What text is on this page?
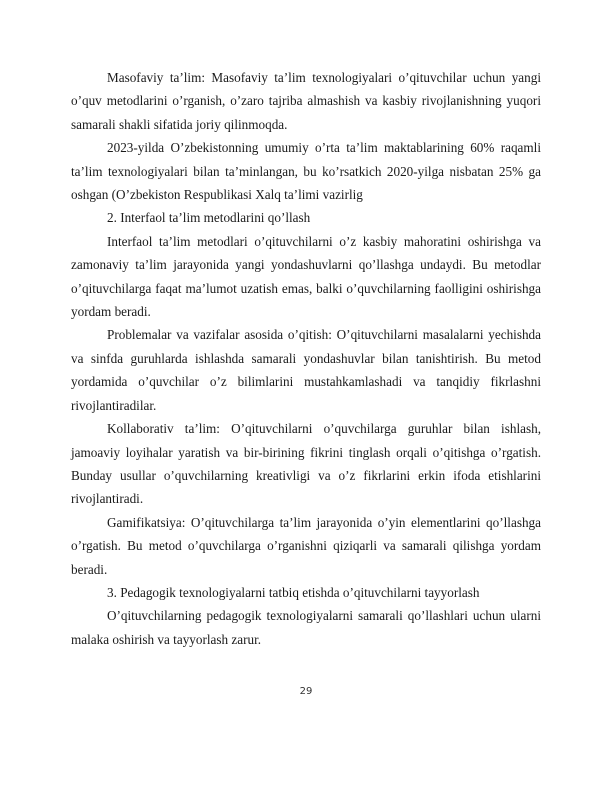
Masofaviy ta’lim: Masofaviy ta’lim texnologiyalari o’qituvchilar uchun yangi o’quv metodlarini o’rganish, o’zaro tajriba almashish va kasbiy rivojlanishning yuqori samarali shakli sifatida joriy qilinmoqda.

2023-yilda O’zbekistonning umumiy o’rta ta’lim maktablarining 60% raqamli ta’lim texnologiyalari bilan ta’minlangan, bu ko’rsatkich 2020-yilga nisbatan 25% ga oshgan (O’zbekiston Respublikasi Xalq ta’limi vazirlig

2. Interfaol ta’lim metodlarini qo’llash

Interfaol ta’lim metodlari o’qituvchilarni o’z kasbiy mahoratini oshirishga va zamonaviy ta’lim jarayonida yangi yondashuvlarni qo’llashga undaydi. Bu metodlar o’qituvchilarga faqat ma’lumot uzatish emas, balki o’quvchilarning faolligini oshirishga yordam beradi.

Problemalar va vazifalar asosida o’qitish: O’qituvchilarni masalalarni yechishda va sinfda guruhlarda ishlashda samarali yondashuvlar bilan tanishtirish. Bu metod yordamida o’quvchilar o’z bilimlarini mustahkamlashadi va tanqidiy fikrlashni rivojlantiradilar.

Kollaborativ ta’lim: O’qituvchilarni o’quvchilarga guruhlar bilan ishlash, jamoaviy loyihalar yaratish va bir-birining fikrini tinglash orqali o’qitishga o’rgatish. Bunday usullar o’quvchilarning kreativligi va o’z fikrlarini erkin ifoda etishlarini rivojlantiradi.

Gamifikatsiya: O’qituvchilarga ta’lim jarayonida o’yin elementlarini qo’llashga o’rgatish. Bu metod o’quvchilarga o’rganishni qiziqarli va samarali qilishga yordam beradi.

3. Pedagogik texnologiyalarni tatbiq etishda o’qituvchilarni tayyorlash

O’qituvchilarning pedagogik texnologiyalarni samarali qo’llashlari uchun ularni malaka oshirish va tayyorlash zarur.

29
